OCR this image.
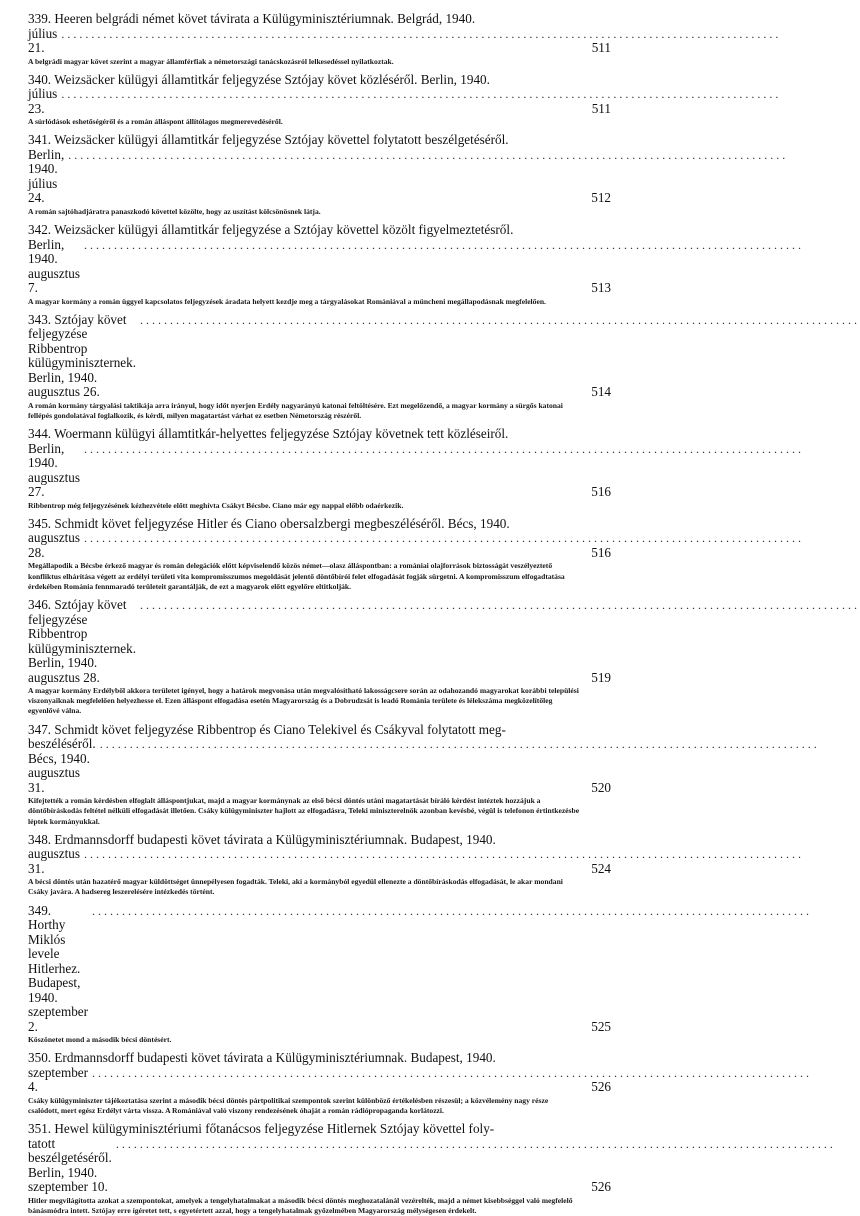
339. Heeren belgrádi német követ távirata a Külügyminisztériumnak. Belgrád, 1940.
július 21.
........................................................................................................................
511
A belgrádi magyar követ szerint a magyar államférfiak a németországi tanácskozásról lelkesedéssel nyilatkoztak.
340. Weizsäcker külügyi államtitkár feljegyzése Sztójay követ közléséről. Berlin, 1940.
július 23.
........................................................................................................................
511
A súrlódások eshetőségéről és a román álláspont állítólagos megmerevedéséről.
341. Weizsäcker külügyi államtitkár feljegyzése Sztójay követtel folytatott beszélgetéséről.
Berlin, 1940. július 24.
........................................................................................................................
512
A román sajtóhadjáratra panaszkodó követtel közölte, hogy az uszítást kölcsönösnek látja.
342. Weizsäcker külügyi államtitkár feljegyzése a Sztójay követtel közölt figyelmeztetésről.
Berlin, 1940. augusztus 7.
........................................................................................................................
513
A magyar kormány a román üggyel kapcsolatos feljegyzések áradata helyett kezdje meg a tárgyalásokat Romániával a müncheni megállapodásnak megfelelően.
343. Sztójay követ feljegyzése Ribbentrop külügyminiszternek. Berlin, 1940. augusztus 26.
........................................................................................................................
514
A román kormány tárgyalási taktikája arra irányul, hogy időt nyerjen Erdély nagyarányú katonai feltöltésére. Ezt megelőzendő, a magyar kormány a sürgős katonai fellépés gondolatával foglalkozik, és kérdi, milyen magatartást várhat ez esetben Németország részéről.
344. Woermann külügyi államtitkár-helyettes feljegyzése Sztójay követnek tett közléseiről.
Berlin, 1940. augusztus 27.
........................................................................................................................
516
Ribbentrop még feljegyzésének kézhezvétele előtt meghívta Csákyt Bécsbe. Ciano már egy nappal előbb odaérkezik.
345. Schmidt követ feljegyzése Hitler és Ciano obersalzbergi megbeszéléséről. Bécs, 1940.
augusztus 28.
........................................................................................................................
516
Megállapodik a Bécsbe érkező magyar és román delegációk előtt képviselendő közös német—olasz álláspontban: a romániai olajforrások biztosságát veszélyeztető konfliktus elhárítása végett az erdélyi területi vita kompromisszumos megoldását jelentő döntőbírói felet elfogadását fogják sürgetni. A kompromisszum elfogadtatása érdekében Románia fennmaradó területeit garantálják, de ezt a magyarok előtt egyelőre eltitkolják.
346. Sztójay követ feljegyzése Ribbentrop külügyminiszternek. Berlin, 1940. augusztus 28.
........................................................................................................................
519
A magyar kormány Erdélyből akkora területet igényel, hogy a határok megvonása után megvalósítható lakosságcsere során az odahozandó magyarokat korábbi települési viszonyaiknak megfelelően helyezhesse el. Ezen álláspont elfogadása esetén Magyarország és a Dobrudzsát is leadó Románia területe és lélekszáma megközelítőleg egyenlővé válna.
347. Schmidt követ feljegyzése Ribbentrop és Ciano Telekivel és Csákyval folytatott meg-
beszéléséről. Bécs, 1940. augusztus 31.
........................................................................................................................
520
Kifejtették a román kérdésben elfoglalt álláspontjukat, majd a magyar kormánynak az első bécsi döntés utáni magatartását bíráló kérdést intéztek hozzájuk a döntőbíráskodás feltétel nélküli elfogadását illetően. Csáky külügyminiszter hajlott az elfogadásra, Teleki miniszterelnök azonban kevésbé, végül is telefonon értintkezésbe léptek kormányukkal.
348. Erdmannsdorff budapesti követ távirata a Külügyminisztériumnak. Budapest, 1940.
augusztus 31.
........................................................................................................................
524
A bécsi döntés után hazatérő magyar küldöttséget ünnepélyesen fogadták. Teleki, aki a kormányból egyedül ellenezte a döntőbíráskodás elfogadását, le akar mondani Csáky javára. A hadsereg leszerelésére intézkedés történt.
349. Horthy Miklós levele Hitlerhez. Budapest, 1940. szeptember 2.
........................................................................................................................
525
Köszönetet mond a második bécsi döntésért.
350. Erdmannsdorff budapesti követ távirata a Külügyminisztériumnak. Budapest, 1940.
szeptember 4.
........................................................................................................................
526
Csáky külügyminiszter tájékoztatása szerint a második bécsi döntés pártpolitikai szempontok szerint különböző értékelésben részesül; a közvélemény nagy része csalódott, mert egész Erdélyt várta vissza. A Romániával való viszony rendezésének óhaját a román rádiópropaganda korlátozzi.
351. Hewel külügyminisztériumi főtanácsos feljegyzése Hitlernek Sztójay követtel foly-
tatott beszélgetéséről. Berlin, 1940. szeptember 10.
........................................................................................................................
526
Hitler megvilágította azokat a szempontokat, amelyek a tengelyhatalmakat a második bécsi döntés meghozatalánál vezérelték, majd a német kisebbséggel való megfelelő bánásmódra intett. Sztójay erre ígéretet tett, s egyetértett azzal, hogy a tengelyhatalmak győzelmében Magyarország mélységesen érdekelt.
